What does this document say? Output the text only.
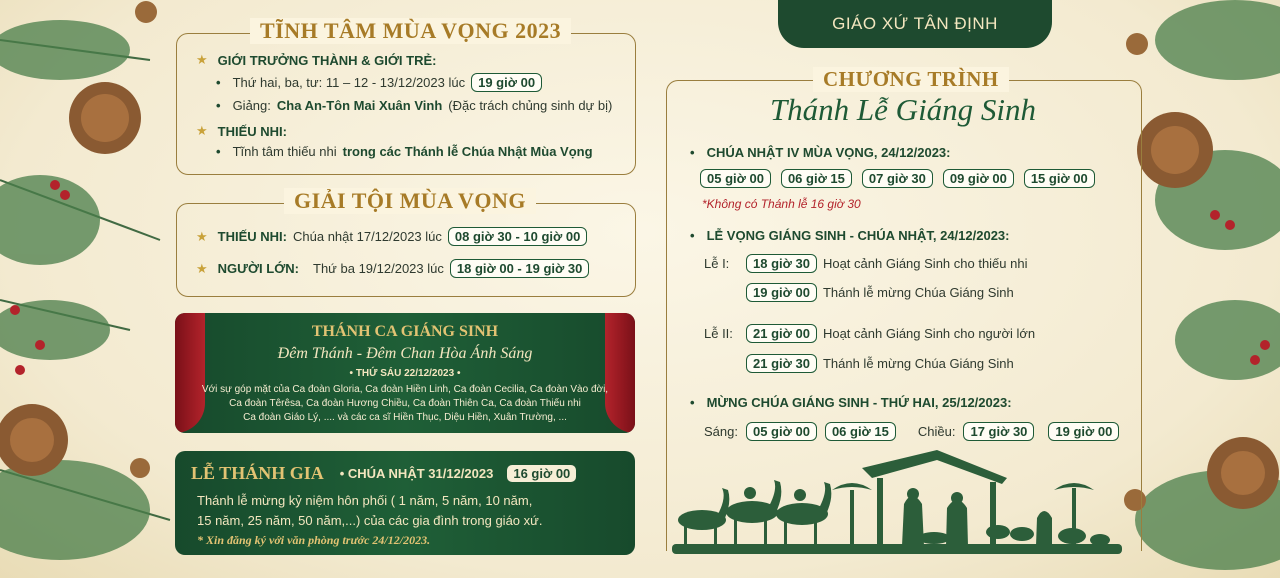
TĨNH TÂM MÙA VỌNG 2023
★ GIỚI TRƯỞNG THÀNH & GIỚI TRẺ:
• Thứ hai, ba, tư: 11 – 12 - 13/12/2023 lúc	19 giờ 00
• Giảng: Cha An-Tôn Mai Xuân Vinh (Đặc trách chủng sinh dự bị)
★ THIẾU NHI:
• Tĩnh tâm thiếu nhi trong các Thánh lễ Chúa Nhật Mùa Vọng
GIẢI TỘI MÙA VỌNG
★ THIẾU NHI: Chúa nhật 17/12/2023 lúc	08 giờ 30 - 10 giờ 00
★ NGƯỜI LỚN: Thứ ba 19/12/2023 lúc	18 giờ 00 - 19 giờ 30
THÁNH CA GIÁNG SINH
Đêm Thánh - Đêm Chan Hòa Ánh Sáng
• THỨ SÁU 22/12/2023 •
Với sự góp mặt của Ca đoàn Gloria, Ca đoàn Hiền Linh, Ca đoàn Cecilia, Ca đoàn Vào đời,
Ca đoàn Têrêsa, Ca đoàn Hương Chiều, Ca đoàn Thiên Ca, Ca đoàn Thiếu nhi
Ca đoàn Giáo Lý, .... và các ca sĩ Hiền Thục, Diệu Hiền, Xuân Trường, ...
LỄ THÁNH GIA • CHÚA NHẬT 31/12/2023	16 giờ 00
Thánh lễ mừng kỷ niệm hôn phối ( 1 năm, 5 năm, 10 năm,
15 năm, 25 năm, 50 năm,...) của các gia đình trong giáo xứ.
* Xin đăng ký với văn phòng trước 24/12/2023.
GIÁO XỨ TÂN ĐỊNH
CHƯƠNG TRÌNH
Thánh Lễ Giáng Sinh
• CHÚA NHẬT IV MÙA VỌNG, 24/12/2023:
05 giờ 00	06 giờ 15	07 giờ 30	09 giờ 00	15 giờ 00
*Không có Thánh lễ 16 giờ 30
• LỄ VỌNG GIÁNG SINH - CHÚA NHẬT, 24/12/2023:
Lễ I:	18 giờ 30	Hoạt cảnh Giáng Sinh cho thiếu nhi
19 giờ 00	Thánh lễ mừng Chúa Giáng Sinh
Lễ II:	21 giờ 00	Hoạt cảnh Giáng Sinh cho người lớn
21 giờ 30	Thánh lễ mừng Chúa Giáng Sinh
• MỪNG CHÚA GIÁNG SINH - THỨ HAI, 25/12/2023:
Sáng:	05 giờ 00	06 giờ 15	Chiều:	17 giờ 30	19 giờ 00
